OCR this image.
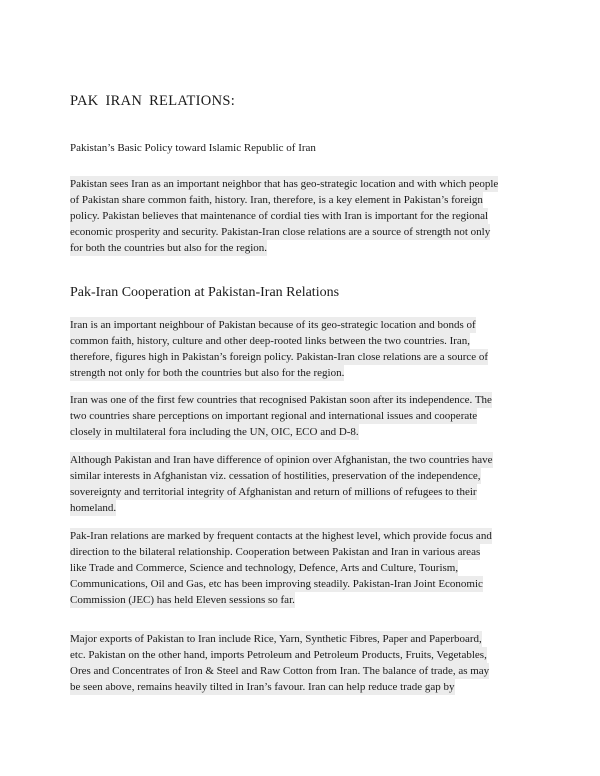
PAK IRAN RELATIONS:
Pakistan’s Basic Policy toward Islamic Republic of Iran
Pakistan sees Iran as an important neighbor that has geo-strategic location and with which people
of Pakistan share common faith, history. Iran, therefore, is a key element in Pakistan’s foreign
policy. Pakistan believes that maintenance of cordial ties with Iran is important for the regional
economic prosperity and security. Pakistan-Iran close relations are a source of strength not only
for both the countries but also for the region.
Pak-Iran Cooperation at Pakistan-Iran Relations
Iran is an important neighbour of Pakistan because of its geo-strategic location and bonds of
common faith, history, culture and other deep-rooted links between the two countries. Iran,
therefore, figures high in Pakistan’s foreign policy. Pakistan-Iran close relations are a source of
strength not only for both the countries but also for the region.
Iran was one of the first few countries that recognised Pakistan soon after its independence. The
two countries share perceptions on important regional and international issues and cooperate
closely in multilateral fora including the UN, OIC, ECO and D-8.
Although Pakistan and Iran have difference of opinion over Afghanistan, the two countries have
similar interests in Afghanistan viz. cessation of hostilities, preservation of the independence,
sovereignty and territorial integrity of Afghanistan and return of millions of refugees to their
homeland.
Pak-Iran relations are marked by frequent contacts at the highest level, which provide focus and
direction to the bilateral relationship. Cooperation between Pakistan and Iran in various areas
like Trade and Commerce, Science and technology, Defence, Arts and Culture, Tourism,
Communications, Oil and Gas, etc has been improving steadily. Pakistan-Iran Joint Economic
Commission (JEC) has held Eleven sessions so far.
Major exports of Pakistan to Iran include Rice, Yarn, Synthetic Fibres, Paper and Paperboard,
etc. Pakistan on the other hand, imports Petroleum and Petroleum Products, Fruits, Vegetables,
Ores and Concentrates of Iron & Steel and Raw Cotton from Iran. The balance of trade, as may
be seen above, remains heavily tilted in Iran’s favour. Iran can help reduce trade gap by
